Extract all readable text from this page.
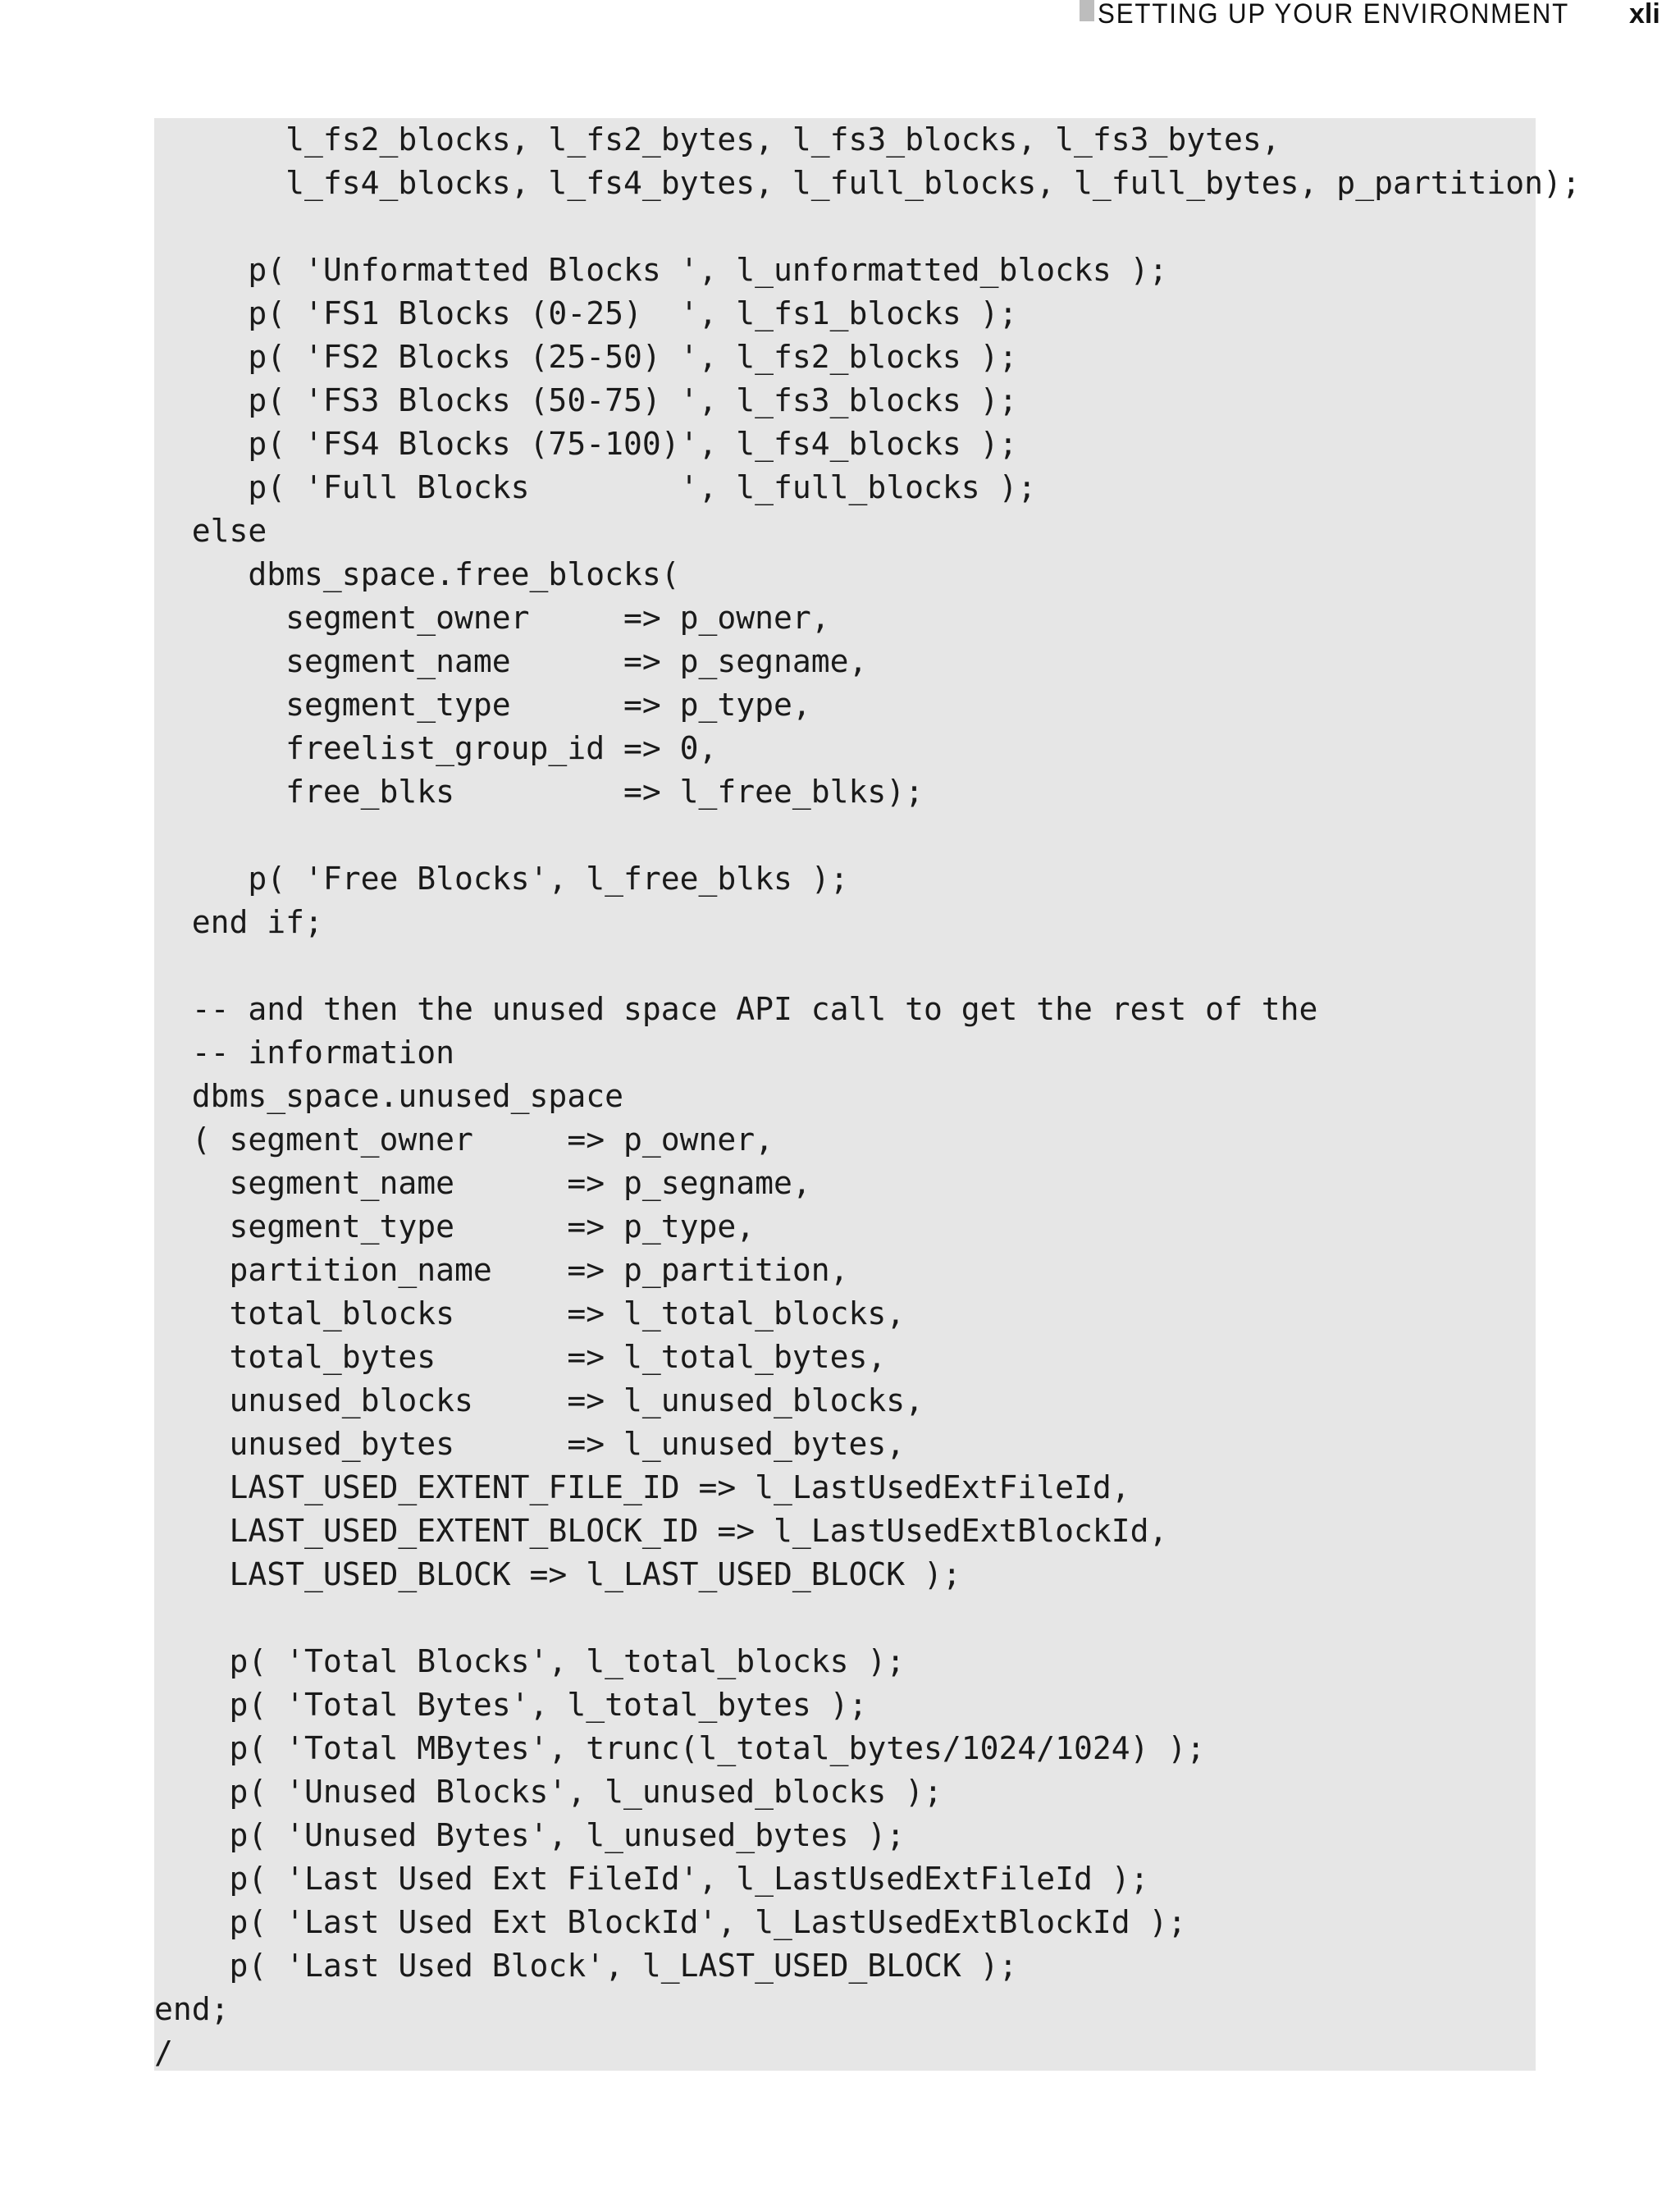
SETTING UP YOUR ENVIRONMENT xli
l_fs2_blocks, l_fs2_bytes, l_fs3_blocks, l_fs3_bytes,
l_fs4_blocks, l_fs4_bytes, l_full_blocks, l_full_bytes, p_partition);
p( 'Unformatted Blocks ', l_unformatted_blocks );
p( 'FS1 Blocks (0-25)  ', l_fs1_blocks );
p( 'FS2 Blocks (25-50) ', l_fs2_blocks );
p( 'FS3 Blocks (50-75) ', l_fs3_blocks );
p( 'FS4 Blocks (75-100)', l_fs4_blocks );
p( 'Full Blocks        ', l_full_blocks );
else
dbms_space.free_blocks(
segment_owner     => p_owner,
segment_name      => p_segname,
segment_type      => p_type,
freelist_group_id => 0,
free_blks         => l_free_blks);
p( 'Free Blocks', l_free_blks );
end if;
-- and then the unused space API call to get the rest of the
-- information
dbms_space.unused_space
( segment_owner     => p_owner,
segment_name      => p_segname,
segment_type      => p_type,
partition_name    => p_partition,
total_blocks      => l_total_blocks,
total_bytes       => l_total_bytes,
unused_blocks     => l_unused_blocks,
unused_bytes      => l_unused_bytes,
LAST_USED_EXTENT_FILE_ID => l_LastUsedExtFileId,
LAST_USED_EXTENT_BLOCK_ID => l_LastUsedExtBlockId,
LAST_USED_BLOCK => l_LAST_USED_BLOCK );
p( 'Total Blocks', l_total_blocks );
p( 'Total Bytes', l_total_bytes );
p( 'Total MBytes', trunc(l_total_bytes/1024/1024) );
p( 'Unused Blocks', l_unused_blocks );
p( 'Unused Bytes', l_unused_bytes );
p( 'Last Used Ext FileId', l_LastUsedExtFileId );
p( 'Last Used Ext BlockId', l_LastUsedExtBlockId );
p( 'Last Used Block', l_LAST_USED_BLOCK );
end;
/
